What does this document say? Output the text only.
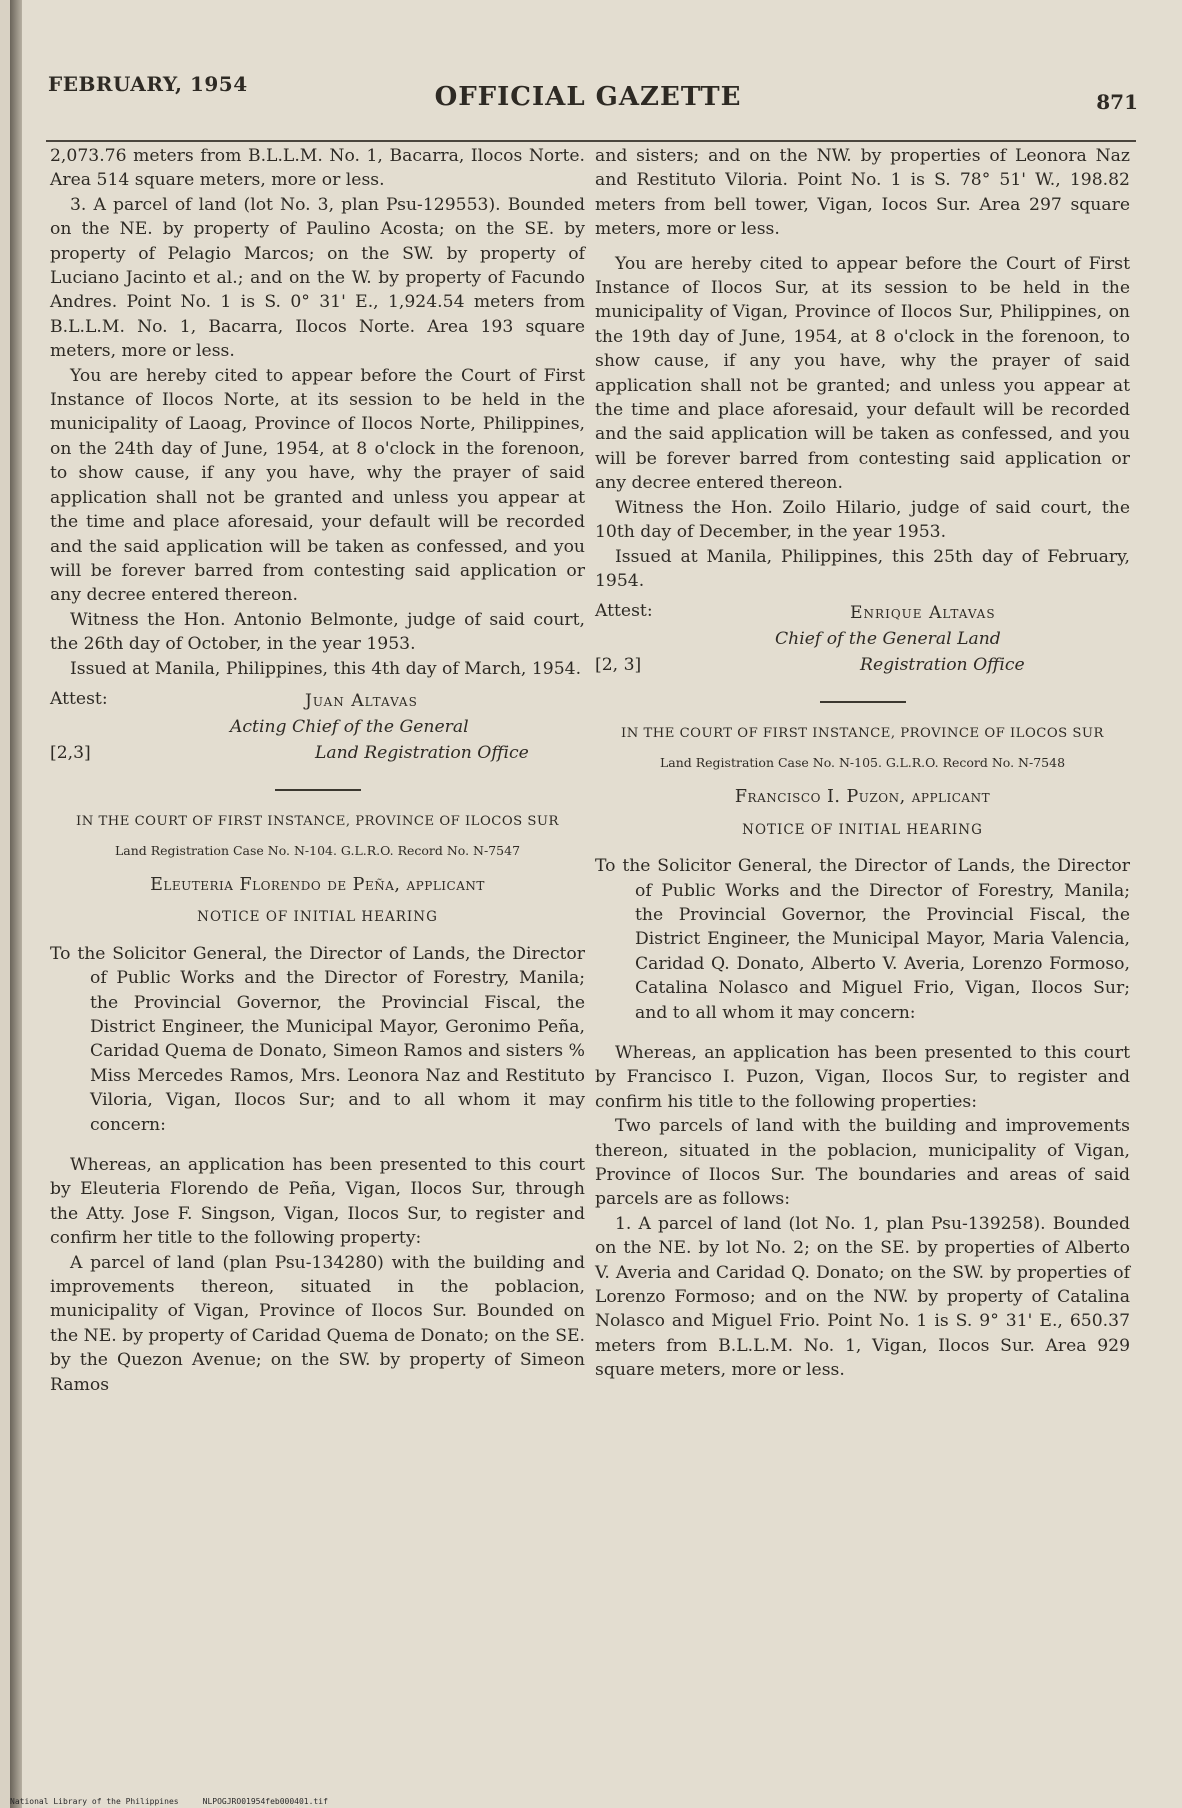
FEBRUARY, 1954	OFFICIAL GAZETTE	871

2,073.76 meters from B.L.L.M. No. 1, Bacarra, Ilocos Norte. Area 514 square meters, more or less.

3. A parcel of land (lot No. 3, plan Psu-129553). Bounded on the NE. by property of Paulino Acosta; on the SE. by property of Pelagio Marcos; on the SW. by property of Luciano Jacinto et al.; and on the W. by property of Facundo Andres. Point No. 1 is S. 0° 31' E., 1,924.54 meters from B.L.L.M. No. 1, Bacarra, Ilocos Norte. Area 193 square meters, more or less.

You are hereby cited to appear before the Court of First Instance of Ilocos Norte, at its session to be held in the municipality of Laoag, Province of Ilocos Norte, Philippines, on the 24th day of June, 1954, at 8 o'clock in the forenoon, to show cause, if any you have, why the prayer of said application shall not be granted and unless you appear at the time and place aforesaid, your default will be recorded and the said application will be taken as confessed, and you will be forever barred from contesting said application or any decree entered thereon.

Witness the Hon. Antonio Belmonte, judge of said court, the 26th day of October, in the year 1953.

Issued at Manila, Philippines, this 4th day of March, 1954.

Attest:	Juan Altavas
Acting Chief of the General
[2,3]	Land Registration Office
IN THE COURT OF FIRST INSTANCE, PROVINCE OF ILOCOS SUR
Land Registration Case No. N-104. G.L.R.O. Record No. N-7547
Eleuteria Florendo de Peña, applicant
NOTICE OF INITIAL HEARING
To the Solicitor General, the Director of Lands, the Director of Public Works and the Director of Forestry, Manila; the Provincial Governor, the Provincial Fiscal, the District Engineer, the Municipal Mayor, Geronimo Peña, Caridad Quema de Donato, Simeon Ramos and sisters % Miss Mercedes Ramos, Mrs. Leonora Naz and Restituto Viloria, Vigan, Ilocos Sur; and to all whom it may concern:

Whereas, an application has been presented to this court by Eleuteria Florendo de Peña, Vigan, Ilocos Sur, through the Atty. Jose F. Singson, Vigan, Ilocos Sur, to register and confirm her title to the following property:

A parcel of land (plan Psu-134280) with the building and improvements thereon, situated in the poblacion, municipality of Vigan, Province of Ilocos Sur. Bounded on the NE. by property of Caridad Quema de Donato; on the SE. by the Quezon Avenue; on the SW. by property of Simeon Ramos

and sisters; and on the NW. by properties of Leonora Naz and Restituto Viloria. Point No. 1 is S. 78° 51' W., 198.82 meters from bell tower, Vigan, Iocos Sur. Area 297 square meters, more or less.

You are hereby cited to appear before the Court of First Instance of Ilocos Sur, at its session to be held in the municipality of Vigan, Province of Ilocos Sur, Philippines, on the 19th day of June, 1954, at 8 o'clock in the forenoon, to show cause, if any you have, why the prayer of said application shall not be granted; and unless you appear at the time and place aforesaid, your default will be recorded and the said application will be taken as confessed, and you will be forever barred from contesting said application or any decree entered thereon.

Witness the Hon. Zoilo Hilario, judge of said court, the 10th day of December, in the year 1953.

Issued at Manila, Philippines, this 25th day of February, 1954.

Attest:	Enrique Altavas
Chief of the General Land
[2, 3]	Registration Office
IN THE COURT OF FIRST INSTANCE, PROVINCE OF ILOCOS SUR
Land Registration Case No. N-105. G.L.R.O. Record No. N-7548
Francisco I. Puzon, applicant
NOTICE OF INITIAL HEARING
To the Solicitor General, the Director of Lands, the Director of Public Works and the Director of Forestry, Manila; the Provincial Governor, the Provincial Fiscal, the District Engineer, the Municipal Mayor, Maria Valencia, Caridad Q. Donato, Alberto V. Averia, Lorenzo Formoso, Catalina Nolasco and Miguel Frio, Vigan, Ilocos Sur; and to all whom it may concern:

Whereas, an application has been presented to this court by Francisco I. Puzon, Vigan, Ilocos Sur, to register and confirm his title to the following properties:

Two parcels of land with the building and improvements thereon, situated in the poblacion, municipality of Vigan, Province of Ilocos Sur. The boundaries and areas of said parcels are as follows:

1. A parcel of land (lot No. 1, plan Psu-139258). Bounded on the NE. by lot No. 2; on the SE. by properties of Alberto V. Averia and Caridad Q. Donato; on the SW. by properties of Lorenzo Formoso; and on the NW. by property of Catalina Nolasco and Miguel Frio. Point No. 1 is S. 9° 31' E., 650.37 meters from B.L.L.M. No. 1, Vigan, Ilocos Sur. Area 929 square meters, more or less.

National Library of the Philippines     NLPOGJRO01954feb000401.tif
